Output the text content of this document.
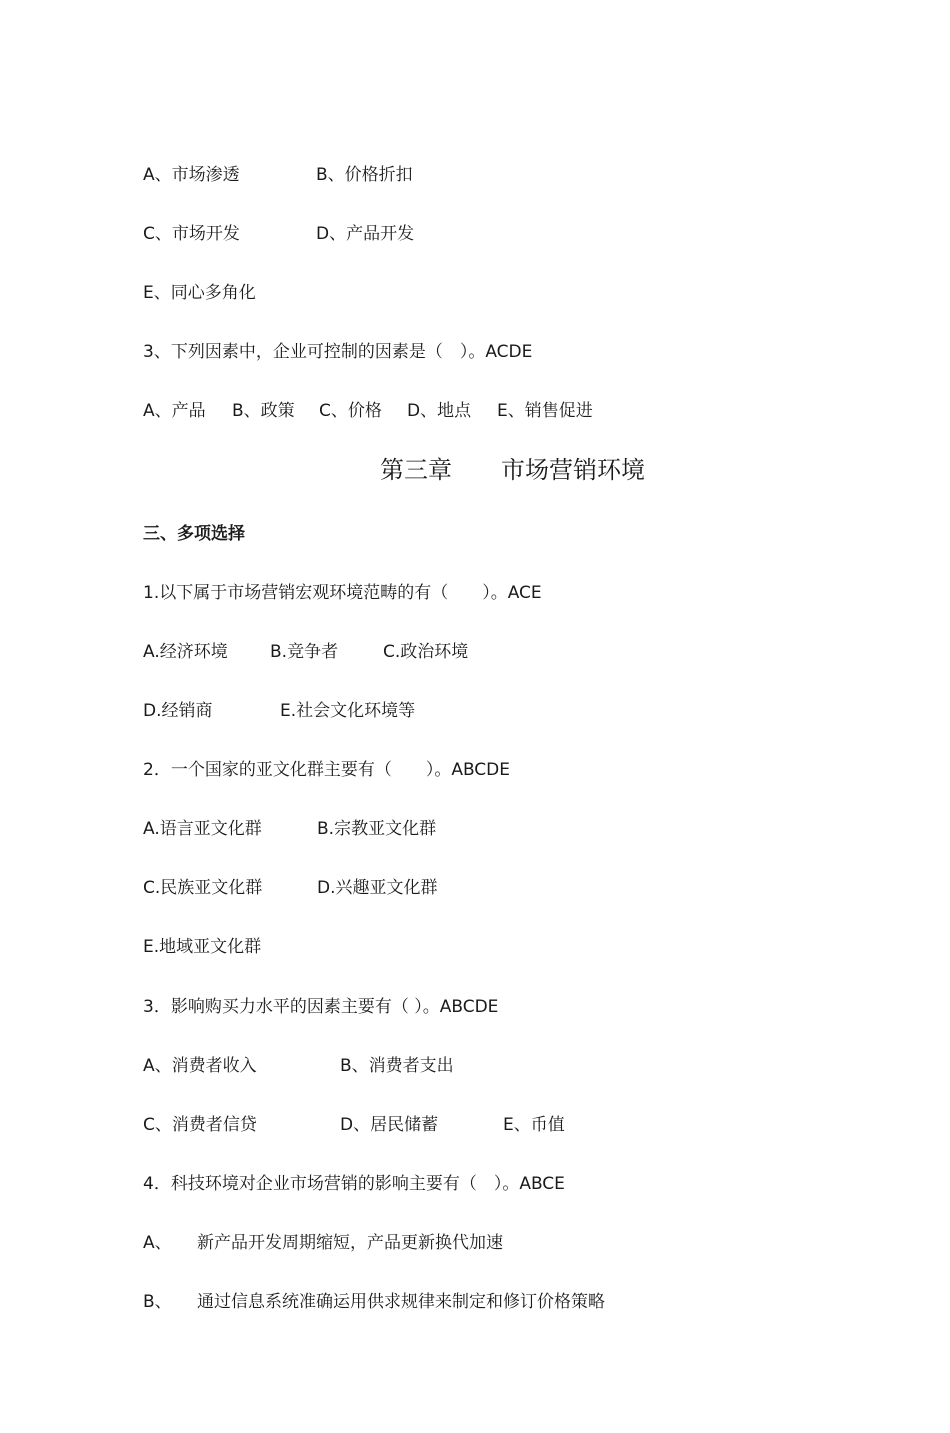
A、市场渗透	B、价格折扣
C、市场开发	D、产品开发
E、同心多角化
3、下列因素中，企业可控制的因素是（　）。ACDE
A、产品 B、政策 C、价格 D、地点 E、销售促进
第三章 市场营销环境
三、多项选择
1.以下属于市场营销宏观环境范畴的有（　　）。ACE
A.经济环境 B.竞争者	C.政治环境
D.经销商	E.社会文化环境等
2．一个国家的亚文化群主要有（　　）。ABCDE
A.语言亚文化群	B.宗教亚文化群
C.民族亚文化群	D.兴趣亚文化群
E.地域亚文化群
3．影响购买力水平的因素主要有（ ）。ABCDE
A、消费者收入	B、消费者支出
C、消费者信贷	D、居民储蓄	E、币值
4．科技环境对企业市场营销的影响主要有（　）。ABCE
A、 新产品开发周期缩短，产品更新换代加速
B、 通过信息系统准确运用供求规律来制定和修订价格策略
